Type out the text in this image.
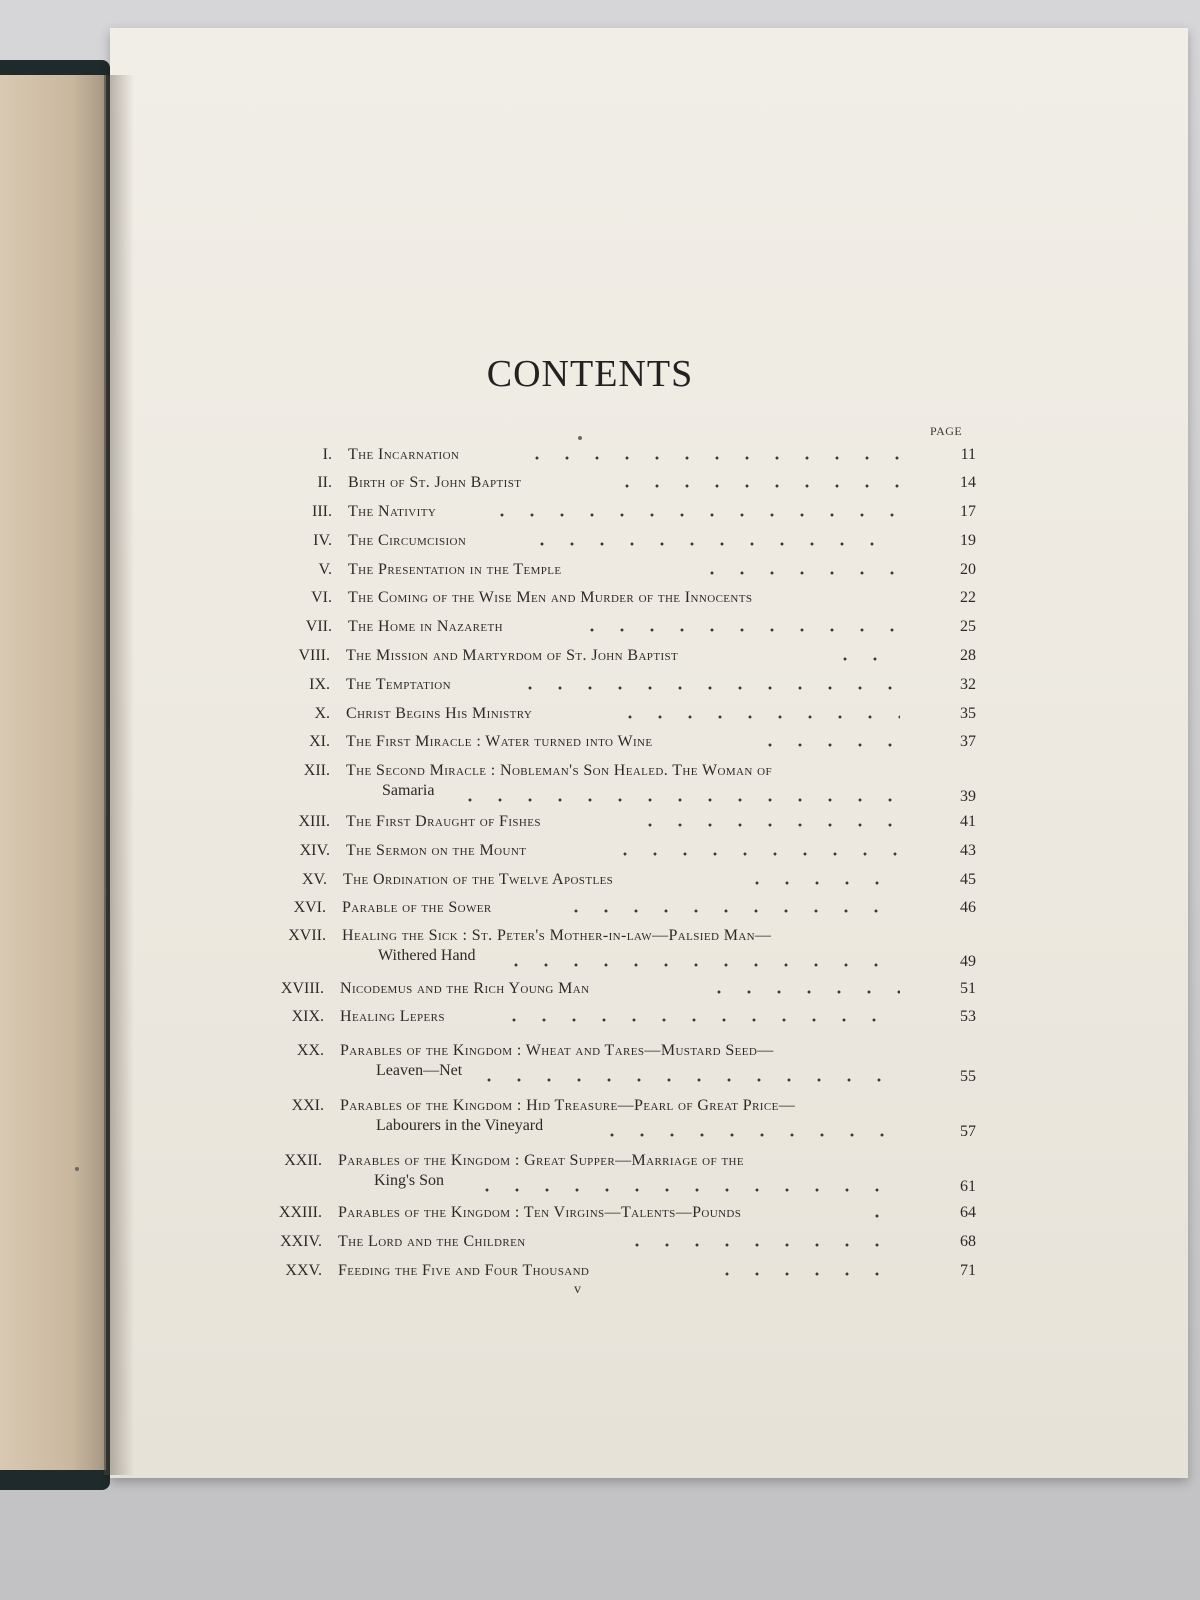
CONTENTS
PAGE
I. The Incarnation	11
II. Birth of St. John Baptist	14
III. The Nativity	17
IV. The Circumcision	19
V. The Presentation in the Temple	20
VI. The Coming of the Wise Men and Murder of the Innocents	22
VII. The Home in Nazareth	25
VIII. The Mission and Martyrdom of St. John Baptist	28
IX. The Temptation	32
X. Christ Begins His Ministry	35
XI. The First Miracle : Water turned into Wine	37
XII. The Second Miracle : Nobleman's Son Healed. The Woman of
Samaria	39
XIII. The First Draught of Fishes	41
XIV. The Sermon on the Mount	43
XV. The Ordination of the Twelve Apostles	45
XVI. Parable of the Sower	46
XVII. Healing the Sick : St. Peter's Mother-in-law—Palsied Man—
Withered Hand	49
XVIII. Nicodemus and the Rich Young Man	51
XIX. Healing Lepers	53
XX. Parables of the Kingdom : Wheat and Tares—Mustard Seed—
Leaven—Net	55
XXI. Parables of the Kingdom : Hid Treasure—Pearl of Great Price—
Labourers in the Vineyard	57
XXII. Parables of the Kingdom : Great Supper—Marriage of the
King's Son	61
XXIII. Parables of the Kingdom : Ten Virgins—Talents—Pounds	64
XXIV. The Lord and the Children	68
XXV. Feeding the Five and Four Thousand	71
v
